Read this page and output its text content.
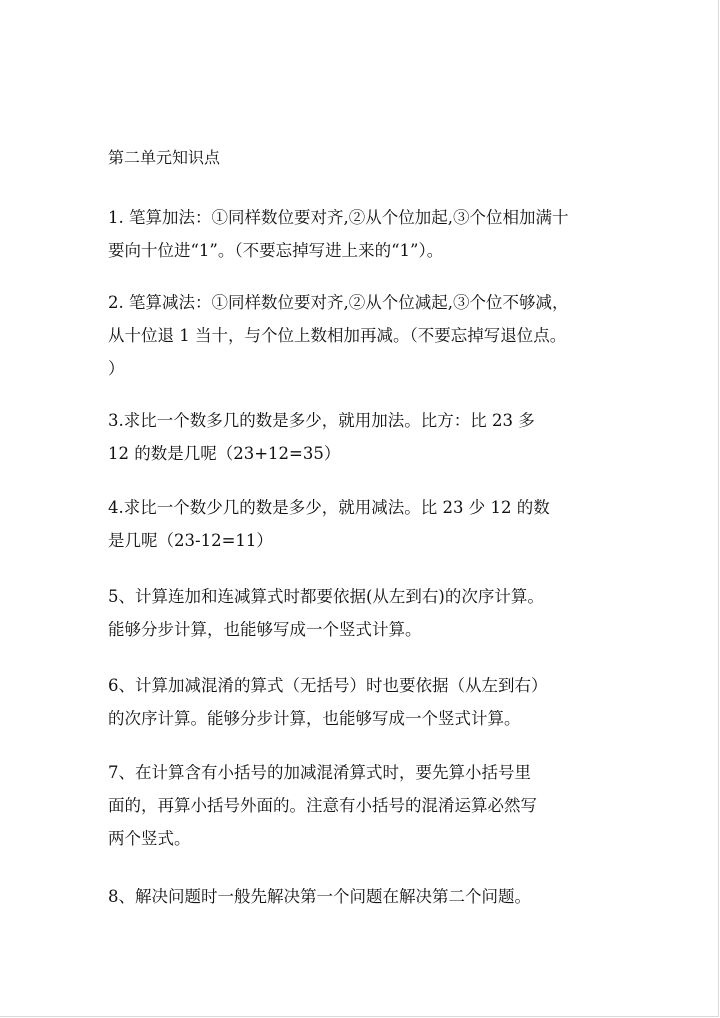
第二单元知识点
1. 笔算加法：①同样数位要对齐,②从个位加起,③个位相加满十
要向十位进“1”。（不要忘掉写进上来的“1”）。
2. 笔算减法：①同样数位要对齐,②从个位减起,③个位不够减，
从十位退 1 当十，与个位上数相加再减。（不要忘掉写退位点。
）
3.求比一个数多几的数是多少，就用加法。比方：比 23 多
12 的数是几呢（23+12=35）
4.求比一个数少几的数是多少，就用减法。比 23 少 12 的数
是几呢（23-12=11）
5、计算连加和连减算式时都要依据(从左到右)的次序计算。
能够分步计算，也能够写成一个竖式计算。
6、计算加减混淆的算式（无括号）时也要依据（从左到右）
的次序计算。能够分步计算，也能够写成一个竖式计算。
7、在计算含有小括号的加减混淆算式时，要先算小括号里
面的，再算小括号外面的。注意有小括号的混淆运算必然写
两个竖式。
8、解决问题时一般先解决第一个问题在解决第二个问题。
